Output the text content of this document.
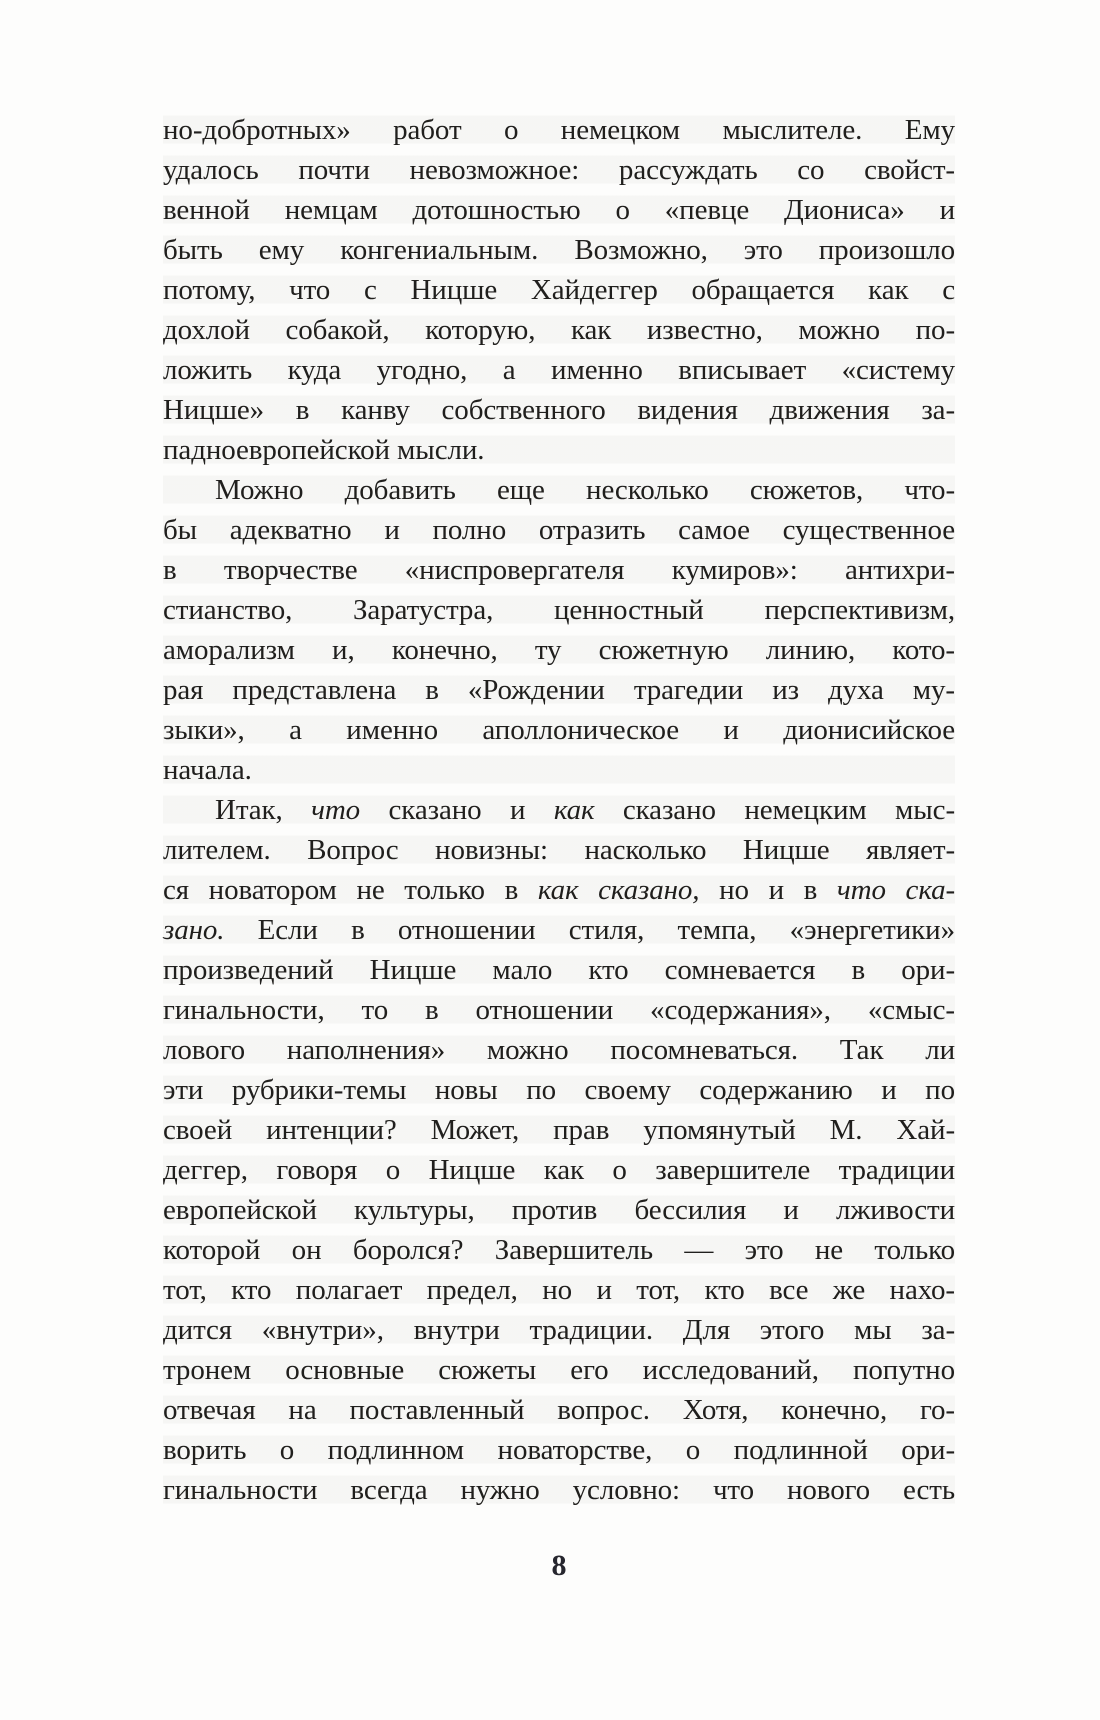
но-добротных» работ о немецком мыслителе. Ему
удалось почти невозможное: рассуждать со свойст-
венной немцам дотошностью о «певце Диониса» и
быть ему конгениальным. Возможно, это произошло
потому, что с Ницше Хайдеггер обращается как с
дохлой собакой, которую, как известно, можно по-
ложить куда угодно, а именно вписывает «систему
Ницше» в канву собственного видения движения за-
падноевропейской мысли.
Можно добавить еще несколько сюжетов, что-
бы адекватно и полно отразить самое существенное
в творчестве «ниспровергателя кумиров»: антихри-
стианство, Заратустра, ценностный перспективизм,
аморализм и, конечно, ту сюжетную линию, кото-
рая представлена в «Рождении трагедии из духа му-
зыки», а именно аполлоническое и дионисийское
начала.
Итак, что сказано и как сказано немецким мыс-
лителем. Вопрос новизны: насколько Ницше являет-
ся новатором не только в как сказано, но и в что ска-
зано. Если в отношении стиля, темпа, «энергетики»
произведений Ницше мало кто сомневается в ори-
гинальности, то в отношении «содержания», «смыс-
лового наполнения» можно посомневаться. Так ли
эти рубрики-темы новы по своему содержанию и по
своей интенции? Может, прав упомянутый М. Хай-
деггер, говоря о Ницше как о завершителе традиции
европейской культуры, против бессилия и лживости
которой он боролся? Завершитель — это не только
тот, кто полагает предел, но и тот, кто все же нахо-
дится «внутри», внутри традиции. Для этого мы за-
тронем основные сюжеты его исследований, попутно
отвечая на поставленный вопрос. Хотя, конечно, го-
ворить о подлинном новаторстве, о подлинной ори-
гинальности всегда нужно условно: что нового есть
8
